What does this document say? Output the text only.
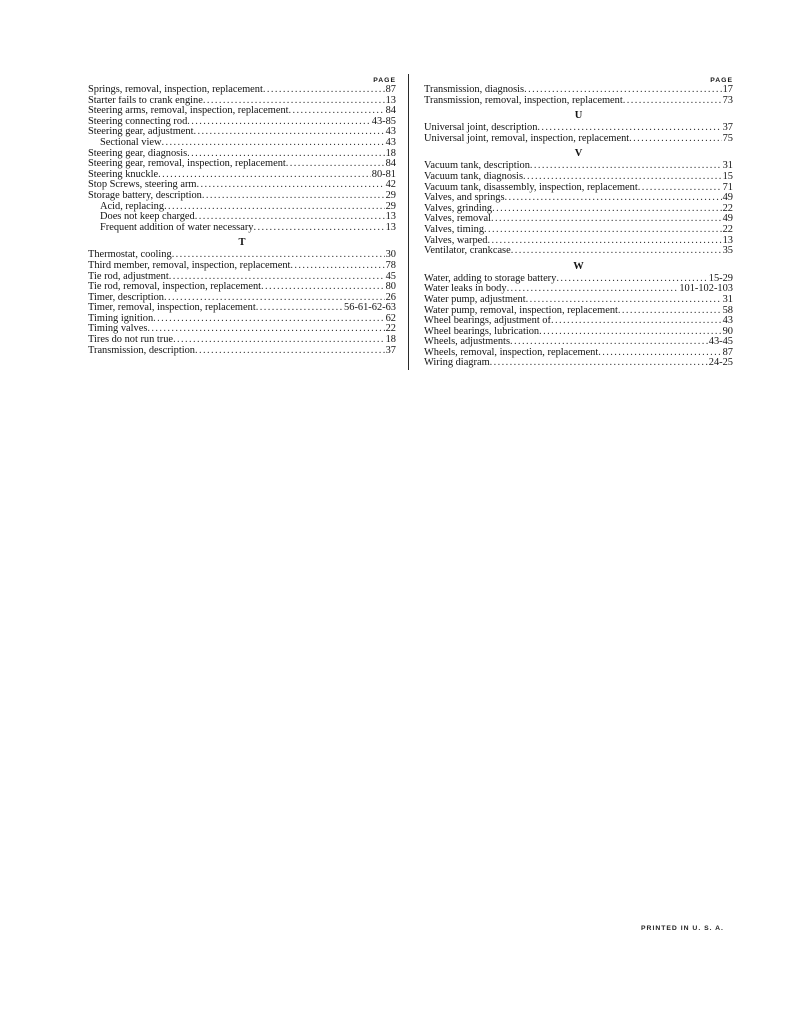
PAGE
Springs, removal, inspection, replacement . . .	87
Starter fails to crank engine . . .	13
Steering arms, removal, inspection, replacement . . .	84
Steering connecting rod . . .	43-85
Steering gear, adjustment . . .	43
Sectional view . . .	43
Steering gear, diagnosis . . .	18
Steering gear, removal, inspection, replacement . . .	84
Steering knuckle . . .	80-81
Stop Screws, steering arm . . .	42
Storage battery, description . . .	29
Acid, replacing . . .	29
Does not keep charged . . .	13
Frequent addition of water necessary . . .	13
T
Thermostat, cooling . . .	30
Third member, removal, inspection, replacement . . .	78
Tie rod, adjustment . . .	45
Tie rod, removal, inspection, replacement . . .	80
Timer, description . . .	26
Timer, removal, inspection, replacement . . .	56-61-62-63
Timing ignition . . .	62
Timing valves . . .	22
Tires do not run true . . .	18
Transmission, description . . .	37
PAGE
Transmission, diagnosis . . .	17
Transmission, removal, inspection, replacement . . .	73
U
Universal joint, description . . .	37
Universal joint, removal, inspection, replacement . . .	75
V
Vacuum tank, description . . .	31
Vacuum tank, diagnosis . . .	15
Vacuum tank, disassembly, inspection, replacement . . .	71
Valves, and springs . . .	49
Valves, grinding . . .	22
Valves, removal . . .	49
Valves, timing . . .	22
Valves, warped . . .	13
Ventilator, crankcase . . .	35
W
Water, adding to storage battery . . .	15-29
Water leaks in body . . .	101-102-103
Water pump, adjustment . . .	31
Water pump, removal, inspection, replacement . . .	58
Wheel bearings, adjustment of . . .	43
Wheel bearings, lubrication . . .	90
Wheels, adjustments . . .	43-45
Wheels, removal, inspection, replacement . . .	87
Wiring diagram . . .	24-25
PRINTED IN U. S. A.
